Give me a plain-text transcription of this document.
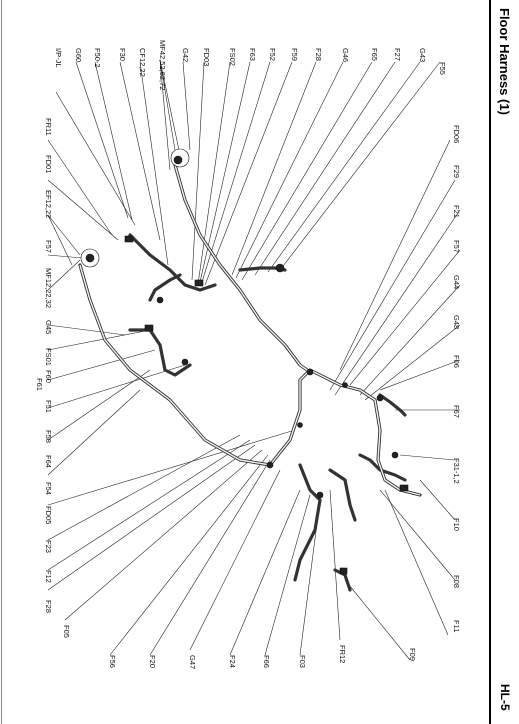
Floor Harness (1)
HL-5
I/P-JL G60 F50-2 F30 CF12,22 MF42,52,62,72 G42 FD03 FS02 F63 F52 F59 F28 G46	F65 F27 G43
F55
FR11
FD01
EF12,22
F57
MF12,22,32
G45
FS01
F60
F61
F51
F58
F64
F54
FD05
F23
F12
F28
F05
F56	F20	G47	F24	F66	F03	FR12	F09
F11
F08
F10
F31-1,2
F67
F06
G48
G44
F57
F21
F29
FD06
